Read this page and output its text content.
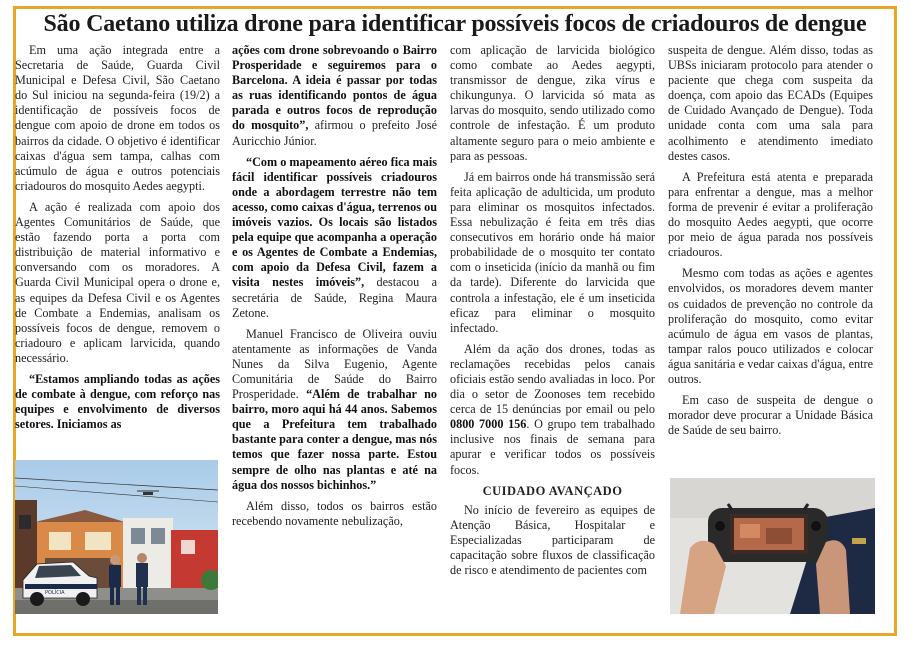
São Caetano utiliza drone para identificar possíveis focos de criadouros de dengue

Em uma ação integrada entre a Secretaria de Saúde, Guarda Civil Municipal e Defesa Civil, São Caetano do Sul iniciou na segunda-feira (19/2) a identificação de possíveis focos de dengue com apoio de drone em todos os bairros da cidade. O objetivo é identificar caixas d'água sem tampa, calhas com acúmulo de água e outros potenciais criadouros do mosquito Aedes aegypti.

A ação é realizada com apoio dos Agentes Comunitários de Saúde, que estão fazendo porta a porta com distribuição de material informativo e conversando com os moradores. A Guarda Civil Municipal opera o drone e, as equipes da Defesa Civil e os Agentes de Combate a Endemias, analisam os possíveis focos de dengue, removem o criadouro e aplicam larvicida, quando necessário.

“Estamos ampliando todas as ações de combate à dengue, com reforço nas equipes e envolvimento de diversos setores. Iniciamos as

POLÍCIA

ações com drone sobrevoando o Bairro Prosperidade e seguiremos para o Barcelona. A ideia é passar por todas as ruas identificando pontos de água parada e outros focos de reprodução do mosquito”, afirmou o prefeito José Auricchio Júnior.

“Com o mapeamento aéreo fica mais fácil identificar possíveis criadouros onde a abordagem terrestre não tem acesso, como caixas d'água, terrenos ou imóveis vazios. Os locais são listados pela equipe que acompanha a operação e os Agentes de Combate a Endemias, com apoio da Defesa Civil, fazem a visita nestes imóveis”, destacou a secretária de Saúde, Regina Maura Zetone.

Manuel Francisco de Oliveira ouviu atentamente as informações de Vanda Nunes da Silva Eugenio, Agente Comunitária de Saúde do Bairro Prosperidade. “Além de trabalhar no bairro, moro aqui há 44 anos. Sabemos que a Prefeitura tem trabalhado bastante para conter a dengue, mas nós temos que fazer nossa parte. Estou sempre de olho nas plantas e até na água dos nossos bichinhos.”

Além disso, todos os bairros estão recebendo novamente nebulização,

com aplicação de larvicida biológico como combate ao Aedes aegypti, transmissor de dengue, zika vírus e chikungunya. O larvicida só mata as larvas do mosquito, sendo utilizado como controle de infestação. É um produto altamente seguro para o meio ambiente e para as pessoas.

Já em bairros onde há transmissão será feita aplicação de adulticida, um produto para eliminar os mosquitos infectados. Essa nebulização é feita em três dias consecutivos em horário onde há maior probabilidade de o mosquito ter contato com o inseticida (início da manhã ou fim da tarde). Diferente do larvicida que controla a infestação, ele é um inseticida eficaz para eliminar o mosquito infectado.

Além da ação dos drones, todas as reclamações recebidas pelos canais oficiais estão sendo avaliadas in loco. Por dia o setor de Zoonoses tem recebido cerca de 15 denúncias por email ou pelo 0800 7000 156. O grupo tem trabalhado inclusive nos finais de semana para apurar e verificar todos os possíveis focos.

CUIDADO AVANÇADO

No início de fevereiro as equipes de Atenção Básica, Hospitalar e Especializadas participaram de capacitação sobre fluxos de classificação de risco e atendimento de pacientes com

suspeita de dengue. Além disso, todas as UBSs iniciaram protocolo para atender o paciente que chega com suspeita da doença, com apoio das ECADs (Equipes de Cuidado Avançado de Dengue). Toda unidade conta com uma sala para acolhimento e atendimento imediato destes casos.

A Prefeitura está atenta e preparada para enfrentar a dengue, mas a melhor forma de prevenir é evitar a proliferação do mosquito Aedes aegypti, que ocorre por meio de água parada nos possíveis criadouros.

Mesmo com todas as ações e agentes envolvidos, os moradores devem manter os cuidados de prevenção no controle da proliferação do mosquito, como evitar acúmulo de água em vasos de plantas, tampar ralos pouco utilizados e colocar água sanitária e vedar caixas d'água, entre outros.

Em caso de suspeita de dengue o morador deve procurar a Unidade Básica de Saúde de seu bairro.
